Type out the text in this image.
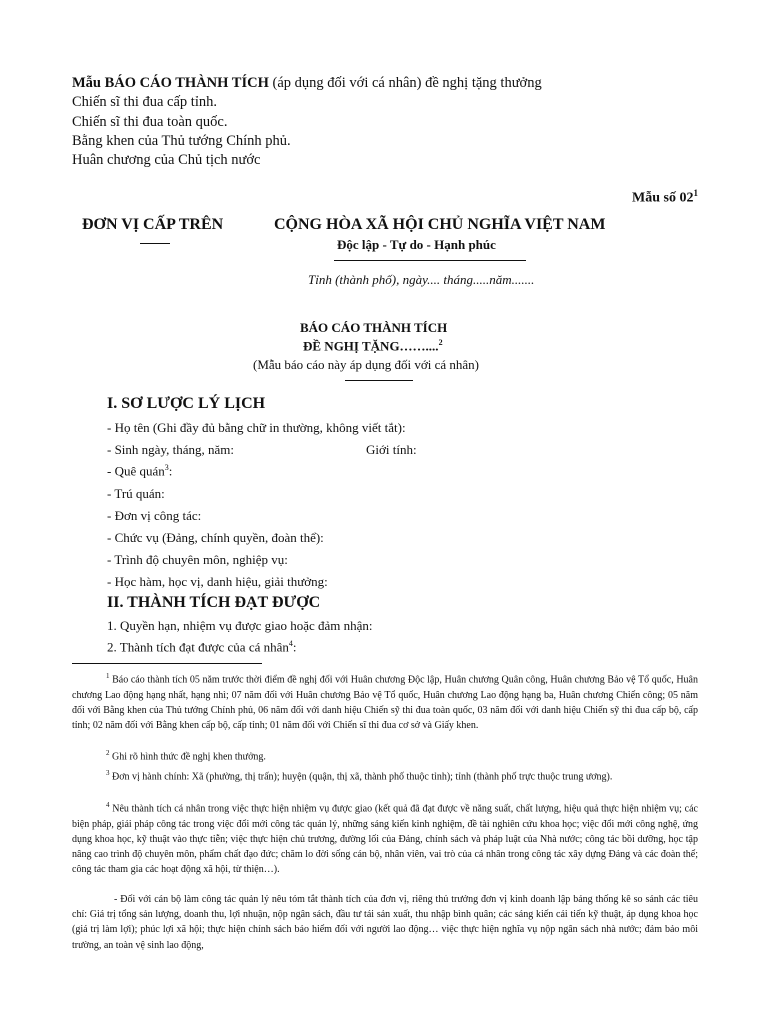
Mẫu BÁO CÁO THÀNH TÍCH (áp dụng đối với cá nhân) đề nghị tặng thưởng
Chiến sĩ thi đua cấp tỉnh.
Chiến sĩ thi đua toàn quốc.
Bằng khen của Thủ tướng Chính phủ.
Huân chương của Chủ tịch nước
Mẫu số $02^1$
ĐƠN VỊ CẤP TRÊN	CỘNG HÒA XÃ HỘI CHỦ NGHĨA VIỆT NAM
Độc lập - Tự do - Hạnh phúc
Tỉnh (thành phố), ngày.... tháng.....năm.......
BÁO CÁO THÀNH TÍCH
ĐỀ NGHỊ TẶNG……....$^2$
(Mẫu báo cáo này áp dụng đối với cá nhân)
I. SƠ LƯỢC LÝ LỊCH
- Họ tên (Ghi đầy đủ bằng chữ in thường, không viết tắt):
- Sinh ngày, tháng, năm:	Giới tính:
- Quê quán$^3$:
- Trú quán:
- Đơn vị công tác:
- Chức vụ (Đảng, chính quyền, đoàn thể):
- Trình độ chuyên môn, nghiệp vụ:
- Học hàm, học vị, danh hiệu, giải thưởng:
II. THÀNH TÍCH ĐẠT ĐƯỢC
1. Quyền hạn, nhiệm vụ được giao hoặc đảm nhận:
2. Thành tích đạt được của cá nhân$^4$:
$^1$ Báo cáo thành tích 05 năm trước thời điểm đề nghị đối với Huân chương Độc lập, Huân chương Quân công, Huân chương Bảo vệ Tổ quốc, Huân chương Lao động hạng nhất, hạng nhì; 07 năm đối với Huân chương Bảo vệ Tổ quốc, Huân chương Lao động hạng ba, Huân chương Chiến công; 05 năm đối với Bằng khen của Thủ tướng Chính phủ, 06 năm đối với danh hiệu Chiến sỹ thi đua toàn quốc, 03 năm đối với danh hiệu Chiến sỹ thi đua cấp bộ, cấp tỉnh; 02 năm đối với Bằng khen cấp bộ, cấp tỉnh; 01 năm đối với Chiến sĩ thi đua cơ sở và Giấy khen.
$^2$ Ghi rõ hình thức đề nghị khen thưởng.
$^3$ Đơn vị hành chính: Xã (phường, thị trấn); huyện (quận, thị xã, thành phố thuộc tỉnh); tỉnh (thành phố trực thuộc trung ương).
$^4$ Nêu thành tích cá nhân trong việc thực hiện nhiệm vụ được giao (kết quả đã đạt được về năng suất, chất lượng, hiệu quả thực hiện nhiệm vụ; các biện pháp, giải pháp công tác trong việc đổi mới công tác quản lý, những sáng kiến kinh nghiệm, đề tài nghiên cứu khoa học; việc đổi mới công nghệ, ứng dụng khoa học, kỹ thuật vào thực tiễn; việc thực hiện chủ trương, đường lối của Đảng, chính sách và pháp luật của Nhà nước; công tác bồi dưỡng, học tập nâng cao trình độ chuyên môn, phẩm chất đạo đức; chăm lo đời sống cán bộ, nhân viên, vai trò của cá nhân trong công tác xây dựng Đảng và các đoàn thể; công tác tham gia các hoạt động xã hội, từ thiện…).
- Đối với cán bộ làm công tác quản lý nêu tóm tắt thành tích của đơn vị, riêng thủ trưởng đơn vị kinh doanh lập bảng thống kê so sánh các tiêu chí: Giá trị tổng sản lượng, doanh thu, lợi nhuận, nộp ngân sách, đầu tư tái sản xuất, thu nhập bình quân; các sáng kiến cải tiến kỹ thuật, áp dụng khoa học (giá trị làm lợi); phúc lợi xã hội; thực hiện chính sách bảo hiểm đối với người lao động… việc thực hiện nghĩa vụ nộp ngân sách nhà nước; đảm bảo môi trường, an toàn vệ sinh lao động,
